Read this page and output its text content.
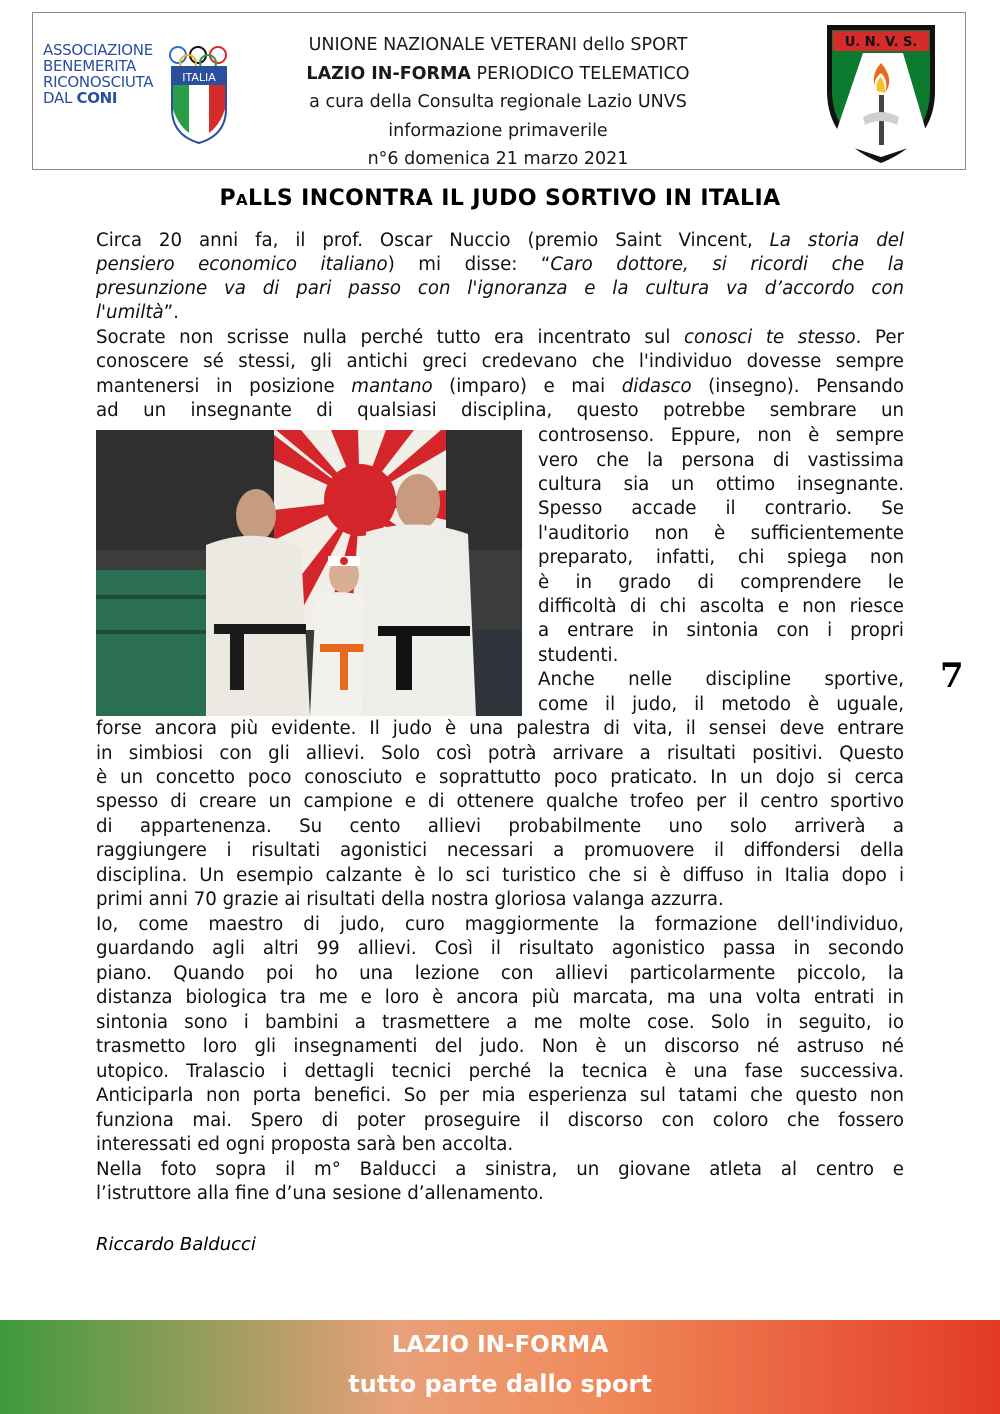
ASSOCIAZIONE
BENEMERITA
RICONOSCIUTA
DAL CONI
ITALIA
UNIONE NAZIONALE VETERANI dello SPORT
LAZIO IN-FORMA PERIODICO TELEMATICO
a cura della Consulta regionale Lazio UNVS
informazione primaverile
n°6 domenica 21 marzo 2021
U. N. V. S.
PaLLS INCONTRA IL JUDO SORTIVO IN ITALIA
Circa 20 anni fa, il prof. Oscar Nuccio (premio Saint Vincent, La storia del
pensiero economico italiano) mi disse: “Caro dottore, si ricordi che la
presunzione va di pari passo con l'ignoranza e la cultura va d’accordo con
l'umiltà”.
Socrate non scrisse nulla perché tutto era incentrato sul conosci te stesso. Per
conoscere sé stessi, gli antichi greci credevano che l'individuo dovesse sempre
mantenersi in posizione mantano (imparo) e mai didasco (insegno). Pensando
ad un insegnante di qualsiasi disciplina, questo potrebbe sembrare un
controsenso. Eppure, non è sempre
vero che la persona di vastissima
cultura sia un ottimo insegnante.
Spesso accade il contrario. Se
l'auditorio non è sufficientemente
preparato, infatti, chi spiega non
è in grado di comprendere le
difficoltà di chi ascolta e non riesce
a entrare in sintonia con i propri
studenti.
Anche nelle discipline sportive,
come il judo, il metodo è uguale,
7
forse ancora più evidente. Il judo è una palestra di vita, il sensei deve entrare
in simbiosi con gli allievi. Solo così potrà arrivare a risultati positivi. Questo
è un concetto poco conosciuto e soprattutto poco praticato. In un dojo si cerca
spesso di creare un campione e di ottenere qualche trofeo per il centro sportivo
di appartenenza. Su cento allievi probabilmente uno solo arriverà a
raggiungere i risultati agonistici necessari a promuovere il diffondersi della
disciplina. Un esempio calzante è lo sci turistico che si è diffuso in Italia dopo i
primi anni 70 grazie ai risultati della nostra gloriosa valanga azzurra.
Io, come maestro di judo, curo maggiormente la formazione dell'individuo,
guardando agli altri 99 allievi. Così il risultato agonistico passa in secondo
piano. Quando poi ho una lezione con allievi particolarmente piccolo, la
distanza biologica tra me e loro è ancora più marcata, ma una volta entrati in
sintonia sono i bambini a trasmettere a me molte cose. Solo in seguito, io
trasmetto loro gli insegnamenti del judo. Non è un discorso né astruso né
utopico. Tralascio i dettagli tecnici perché la tecnica è una fase successiva.
Anticiparla non porta benefici. So per mia esperienza sul tatami che questo non
funziona mai. Spero di poter proseguire il discorso con coloro che fossero
interessati ed ogni proposta sarà ben accolta.
Nella foto sopra il m° Balducci a sinistra, un giovane atleta al centro e
l’istruttore alla fine d’una sesione d’allenamento.
Riccardo Balducci
LAZIO IN-FORMA
tutto parte dallo sport
